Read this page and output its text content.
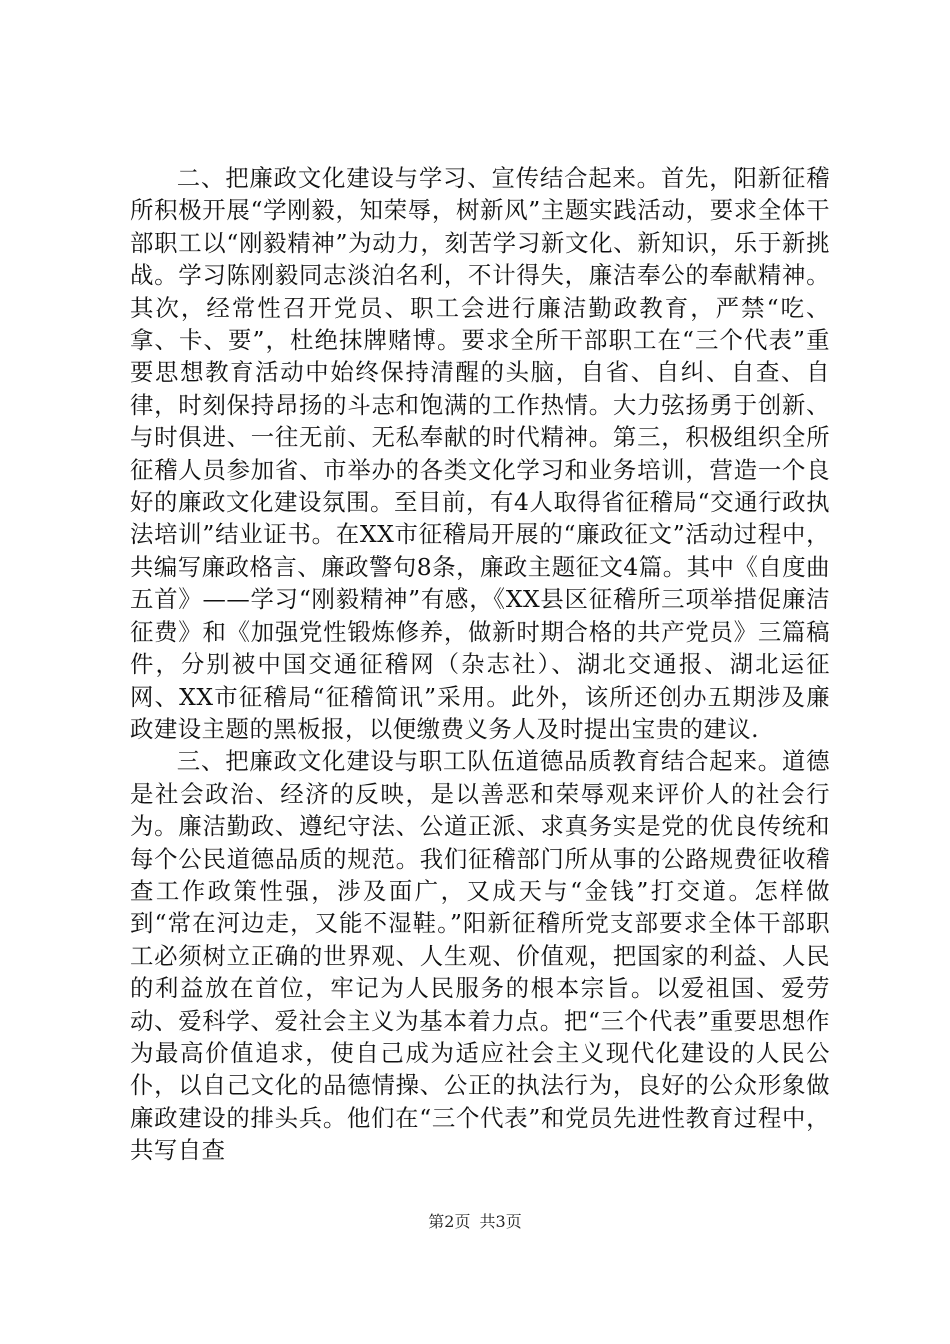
二、把廉政文化建设与学习、宣传结合起来。首先，阳新征稽所积极开展“学刚毅，知荣辱，树新风”主题实践活动，要求全体干部职工以“刚毅精神”为动力，刻苦学习新文化、新知识，乐于新挑战。学习陈刚毅同志淡泊名利，不计得失，廉洁奉公的奉献精神。其次，经常性召开党员、职工会进行廉洁勤政教育，严禁“吃、拿、卡、要”，杜绝抹牌赌博。要求全所干部职工在“三个代表”重要思想教育活动中始终保持清醒的头脑，自省、自纠、自查、自律，时刻保持昂扬的斗志和饱满的工作热情。大力弦扬勇于创新、与时俱进、一往无前、无私奉献的时代精神。第三，积极组织全所征稽人员参加省、市举办的各类文化学习和业务培训，营造一个良好的廉政文化建设氛围。至目前，有4人取得省征稽局“交通行政执法培训”结业证书。在XX市征稽局开展的“廉政征文”活动过程中，共编写廉政格言、廉政警句8条，廉政主题征文4篇。其中《自度曲五首》——学习“刚毅精神”有感，《XX县区征稽所三项举措促廉洁征费》和《加强党性锻炼修养，做新时期合格的共产党员》三篇稿件，分别被中国交通征稽网（杂志社）、湖北交通报、湖北运征网、XX市征稽局“征稽简讯”采用。此外，该所还创办五期涉及廉政建设主题的黑板报，以便缴费义务人及时提出宝贵的建议.

三、把廉政文化建设与职工队伍道德品质教育结合起来。道德是社会政治、经济的反映，是以善恶和荣辱观来评价人的社会行为。廉洁勤政、遵纪守法、公道正派、求真务实是党的优良传统和每个公民道德品质的规范。我们征稽部门所从事的公路规费征收稽查工作政策性强，涉及面广，又成天与“金钱”打交道。怎样做到“常在河边走，又能不湿鞋。”阳新征稽所党支部要求全体干部职工必须树立正确的世界观、人生观、价值观，把国家的利益、人民的利益放在首位，牢记为人民服务的根本宗旨。以爱祖国、爱劳动、爱科学、爱社会主义为基本着力点。把“三个代表”重要思想作为最高价值追求，使自己成为适应社会主义现代化建设的人民公仆，以自己文化的品德情操、公正的执法行为，良好的公众形象做廉政建设的排头兵。他们在“三个代表”和党员先进性教育过程中，共写自查

第2页 共3页
